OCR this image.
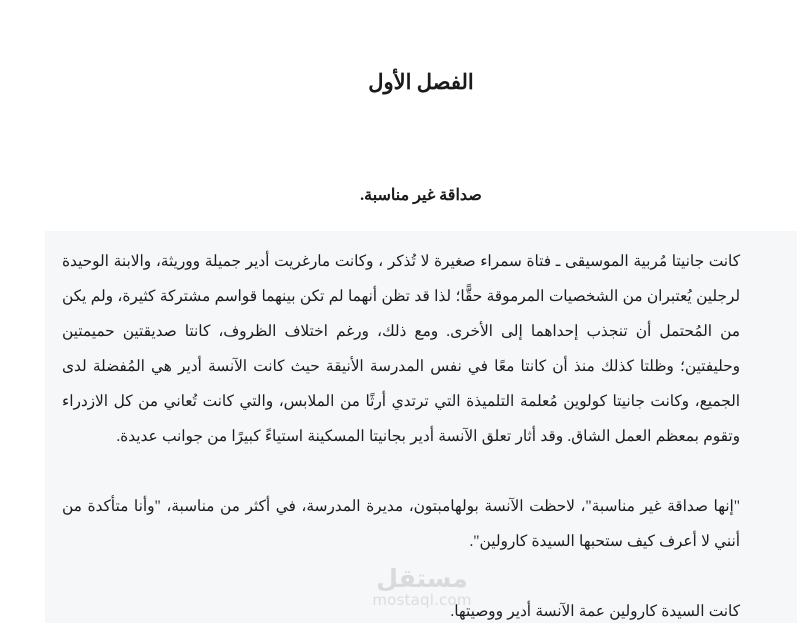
الفصل الأول
صداقة غير مناسبة.

كانت جانيتا مُربية الموسيقى ـ فتاة سمراء صغيرة لا تُذكر ، وكانت مارغريت أدير جميلة ووريثة، والابنة الوحيدة لرجلين يُعتبران من الشخصيات المرموقة حقًّا؛ لذا قد تظن أنهما لم تكن بينهما قواسم مشتركة كثيرة، ولم يكن من المُحتمل أن تنجذب إحداهما إلى الأخرى. ومع ذلك، ورغم اختلاف الظروف، كانتا صديقتين حميمتين وحليفتين؛ وظلتا كذلك منذ أن كانتا معًا في نفس المدرسة الأنيقة حيث كانت الآنسة أدير هي المُفضلة لدى الجميع، وكانت جانيتا كولوين مُعلمة التلميذة التي ترتدي أرثًا من الملابس، والتي كانت تُعاني من كل الازدراء وتقوم بمعظم العمل الشاق. وقد أثار تعلق الآنسة أدير بجانيتا المسكينة استياءً كبيرًا من جوانب عديدة.

"إنها صداقة غير مناسبة"، لاحظت الآنسة بولهامبتون، مديرة المدرسة، في أكثر من مناسبة، "وأنا متأكدة من أنني لا أعرف كيف ستحبها السيدة كارولين".

كانت السيدة كارولين عمة الآنسة أدير ووصيتها.

مستقل
mostaql.com
